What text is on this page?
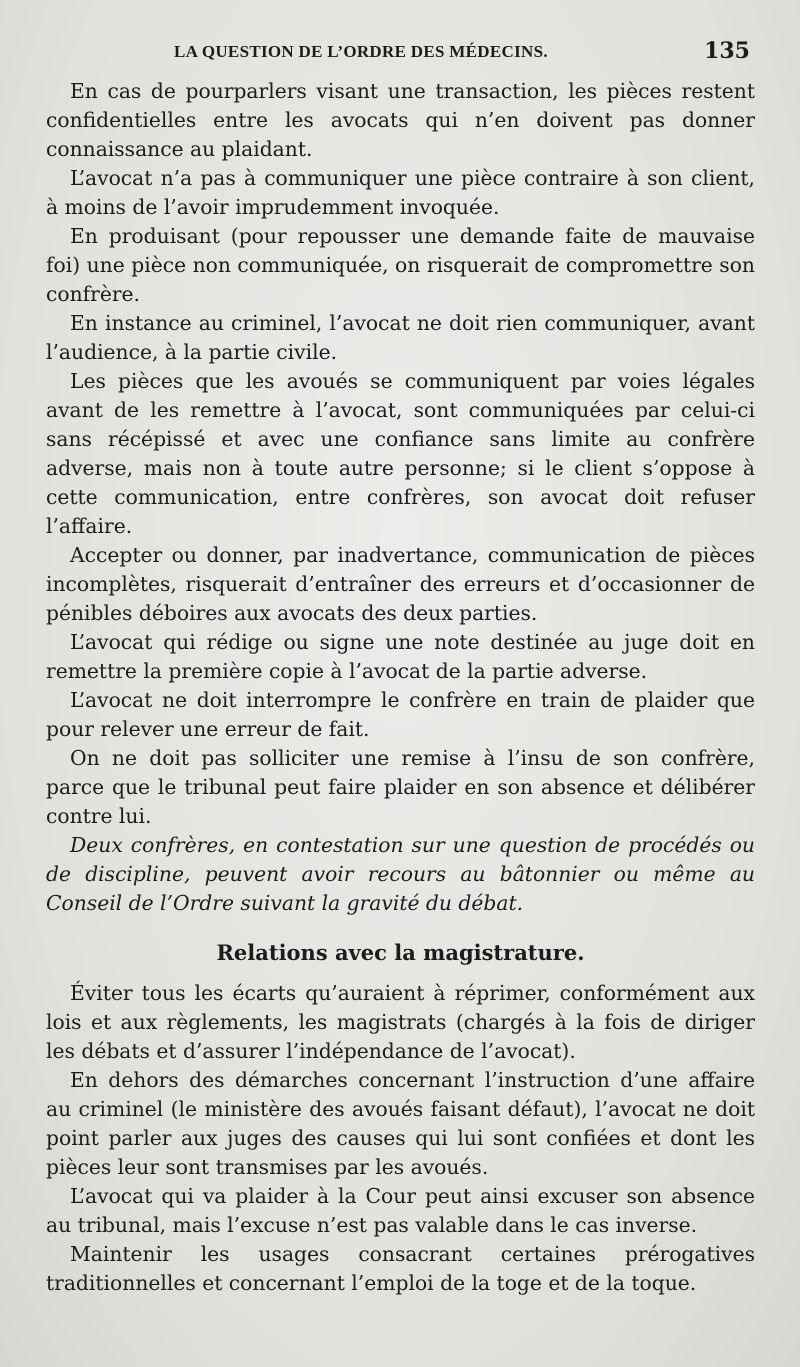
LA QUESTION DE L’ORDRE DES MÉDECINS.	135

En cas de pourparlers visant une transaction, les pièces restent confidentielles entre les avocats qui n’en doivent pas donner connaissance au plaidant.

L’avocat n’a pas à communiquer une pièce contraire à son client, à moins de l’avoir imprudemment invoquée.

En produisant (pour repousser une demande faite de mauvaise foi) une pièce non communiquée, on risquerait de compromettre son confrère.

En instance au criminel, l’avocat ne doit rien communiquer, avant l’audience, à la partie civile.

Les pièces que les avoués se communiquent par voies légales avant de les remettre à l’avocat, sont communiquées par celui-ci sans récépissé et avec une confiance sans limite au confrère adverse, mais non à toute autre personne; si le client s’oppose à cette communication, entre confrères, son avocat doit refuser l’affaire.

Accepter ou donner, par inadvertance, communication de pièces incomplètes, risquerait d’entraîner des erreurs et d’occasionner de pénibles déboires aux avocats des deux parties.

L’avocat qui rédige ou signe une note destinée au juge doit en remettre la première copie à l’avocat de la partie adverse.

L’avocat ne doit interrompre le confrère en train de plaider que pour relever une erreur de fait.

On ne doit pas solliciter une remise à l’insu de son confrère, parce que le tribunal peut faire plaider en son absence et délibérer contre lui.

Deux confrères, en contestation sur une question de procédés ou de discipline, peuvent avoir recours au bâtonnier ou même au Conseil de l’Ordre suivant la gravité du débat.

Relations avec la magistrature.

Éviter tous les écarts qu’auraient à réprimer, conformément aux lois et aux règlements, les magistrats (chargés à la fois de diriger les débats et d’assurer l’indépendance de l’avocat).

En dehors des démarches concernant l’instruction d’une affaire au criminel (le ministère des avoués faisant défaut), l’avocat ne doit point parler aux juges des causes qui lui sont confiées et dont les pièces leur sont transmises par les avoués.

L’avocat qui va plaider à la Cour peut ainsi excuser son absence au tribunal, mais l’excuse n’est pas valable dans le cas inverse.

Maintenir les usages consacrant certaines prérogatives traditionnelles et concernant l’emploi de la toge et de la toque.
